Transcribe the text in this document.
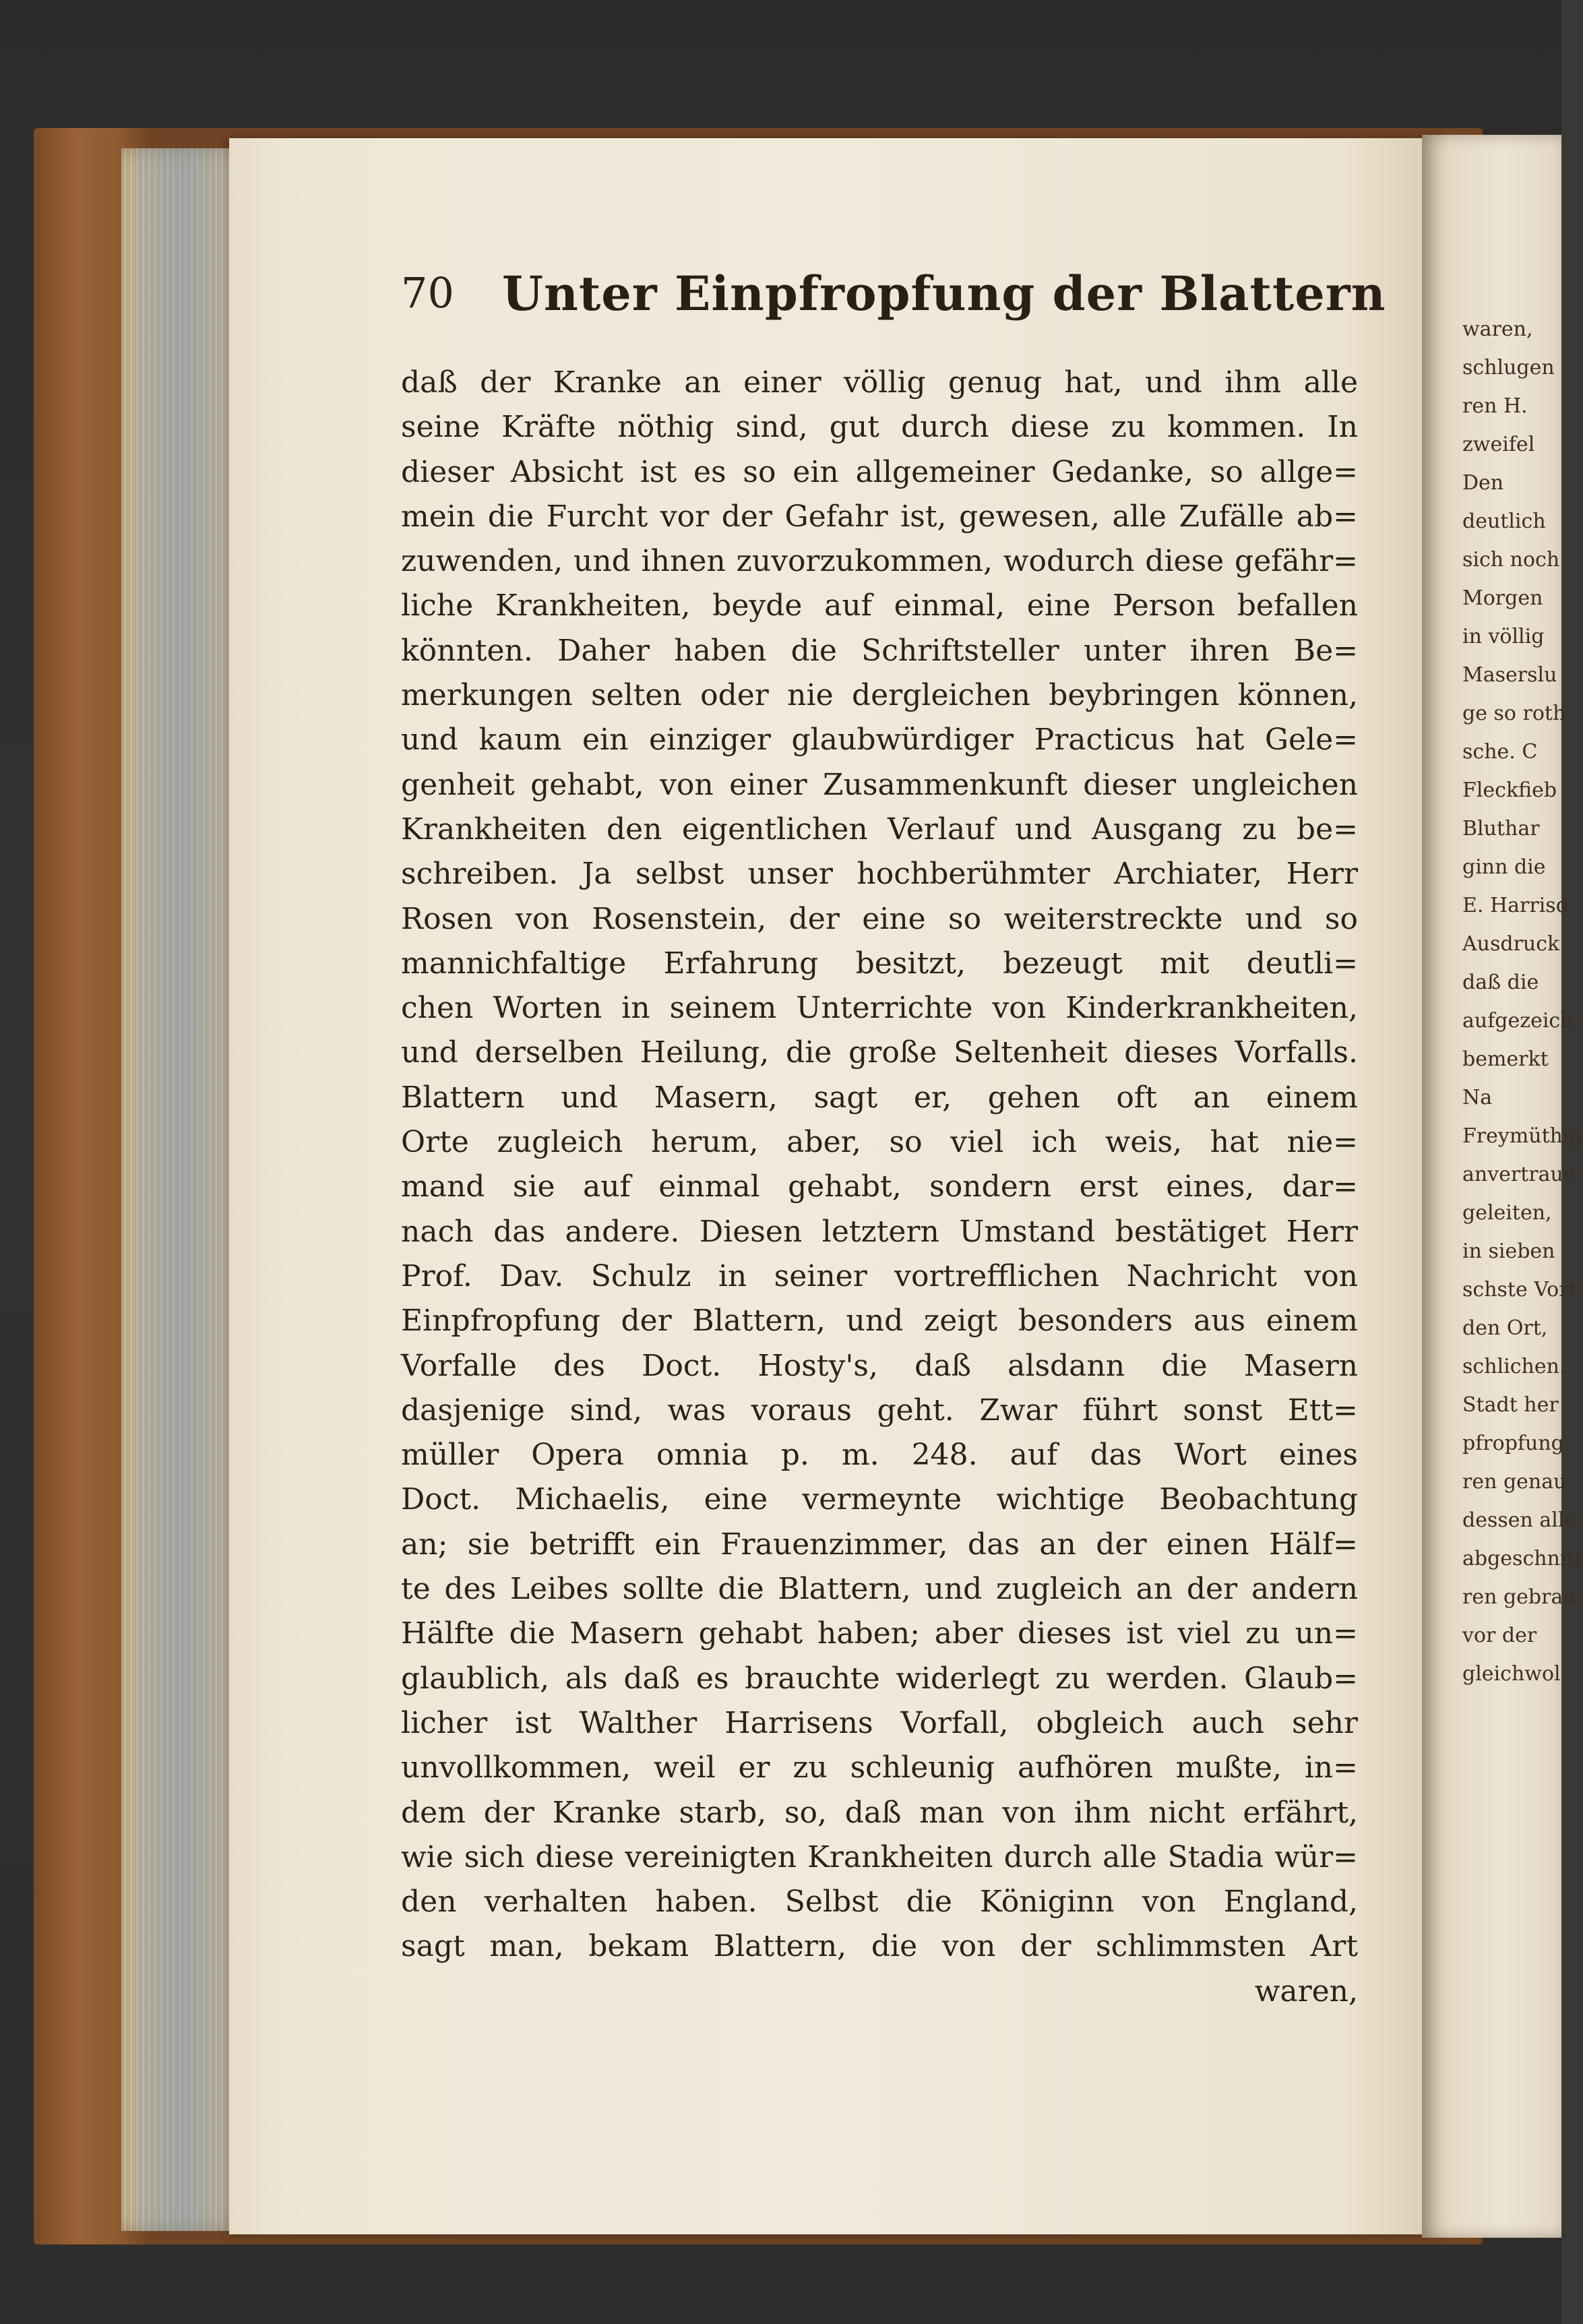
waren,
schlugen
ren H.
zweifel
Den
deutlich
sich noch
Morgen
in völlig
Maserslu
ge so roth
sche. C
Fleckfieb
Bluthar
ginn die
E. Harrisd
Ausdruck
daß die
aufgezeich
bemerkt
Na
Freymüthig
anvertraue
geleiten,
in sieben
schste Vort
den Ort,
schlichen.
Stadt her
pfropfung
ren genau
dessen alle
abgeschnitt
ren gebrau
vor der
gleichwol
70 Unter Einpfropfung der Blattern
daß der Kranke an einer völlig genug hat, und ihm alle
seine Kräfte nöthig sind, gut durch diese zu kommen. In
dieser Absicht ist es so ein allgemeiner Gedanke, so allge=
mein die Furcht vor der Gefahr ist, gewesen, alle Zufälle ab=
zuwenden, und ihnen zuvorzukommen, wodurch diese gefähr=
liche Krankheiten, beyde auf einmal, eine Person befallen
könnten. Daher haben die Schriftsteller unter ihren Be=
merkungen selten oder nie dergleichen beybringen können,
und kaum ein einziger glaubwürdiger Practicus hat Gele=
genheit gehabt, von einer Zusammenkunft dieser ungleichen
Krankheiten den eigentlichen Verlauf und Ausgang zu be=
schreiben. Ja selbst unser hochberühmter Archiater, Herr
Rosen von Rosenstein, der eine so weiterstreckte und so
mannichfaltige Erfahrung besitzt, bezeugt mit deutli=
chen Worten in seinem Unterrichte von Kinderkrankheiten,
und derselben Heilung, die große Seltenheit dieses Vorfalls.
Blattern und Masern, sagt er, gehen oft an einem
Orte zugleich herum, aber, so viel ich weis, hat nie=
mand sie auf einmal gehabt, sondern erst eines, dar=
nach das andere. Diesen letztern Umstand bestätiget Herr
Prof. Dav. Schulz in seiner vortrefflichen Nachricht von
Einpfropfung der Blattern, und zeigt besonders aus einem
Vorfalle des Doct. Hosty's, daß alsdann die Masern
dasjenige sind, was voraus geht. Zwar führt sonst Ett=
müller Opera omnia p. m. 248. auf das Wort eines
Doct. Michaelis, eine vermeynte wichtige Beobachtung
an; sie betrifft ein Frauenzimmer, das an der einen Hälf=
te des Leibes sollte die Blattern, und zugleich an der andern
Hälfte die Masern gehabt haben; aber dieses ist viel zu un=
glaublich, als daß es brauchte widerlegt zu werden. Glaub=
licher ist Walther Harrisens Vorfall, obgleich auch sehr
unvollkommen, weil er zu schleunig aufhören mußte, in=
dem der Kranke starb, so, daß man von ihm nicht erfährt,
wie sich diese vereinigten Krankheiten durch alle Stadia wür=
den verhalten haben. Selbst die Königinn von England,
sagt man, bekam Blattern, die von der schlimmsten Art
waren,
